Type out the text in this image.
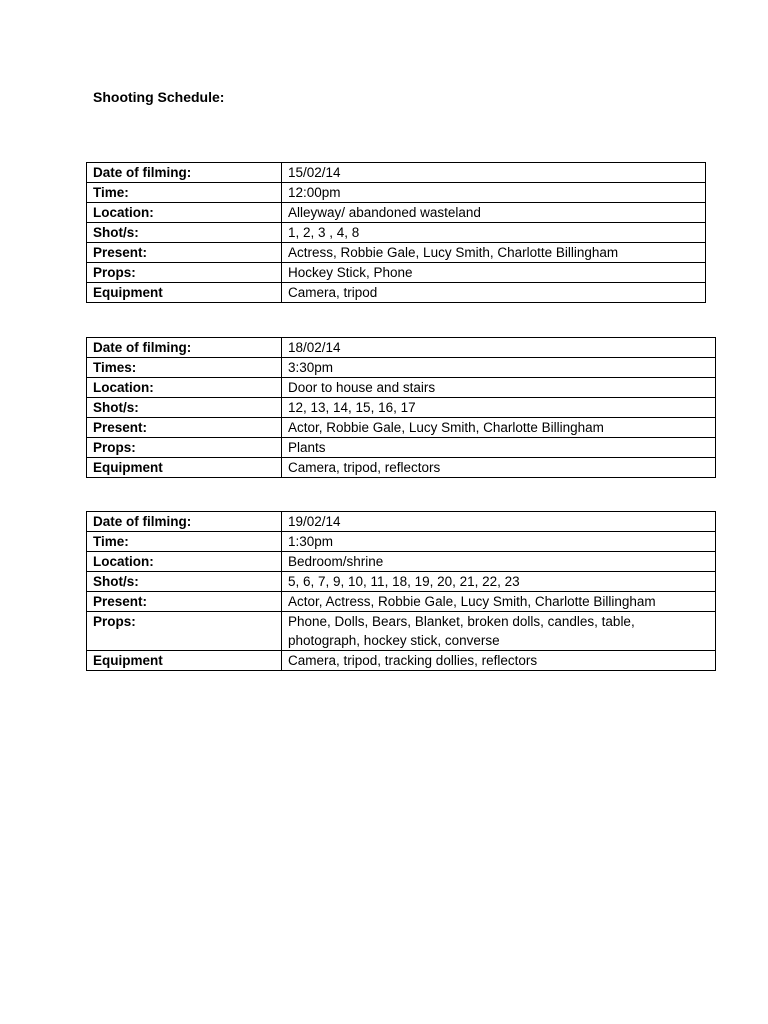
Shooting Schedule:
Date of filming:	15/02/14
Time:	12:00pm
Location:	Alleyway/ abandoned wasteland
Shot/s:	1, 2, 3 , 4, 8
Present:	Actress, Robbie Gale, Lucy Smith, Charlotte Billingham
Props:	Hockey Stick, Phone
Equipment	Camera, tripod
Date of filming:	18/02/14
Times:	3:30pm
Location:	Door to house and stairs
Shot/s:	12, 13, 14, 15, 16, 17
Present:	Actor, Robbie Gale, Lucy Smith, Charlotte Billingham
Props:	Plants
Equipment	Camera, tripod, reflectors
Date of filming:	19/02/14
Time:	1:30pm
Location:	Bedroom/shrine
Shot/s:	5, 6, 7, 9, 10, 11, 18, 19, 20, 21, 22, 23
Present:	Actor, Actress, Robbie Gale, Lucy Smith, Charlotte Billingham
Props:	Phone, Dolls, Bears, Blanket, broken dolls, candles, table, photograph, hockey stick, converse
Equipment	Camera, tripod, tracking dollies, reflectors
